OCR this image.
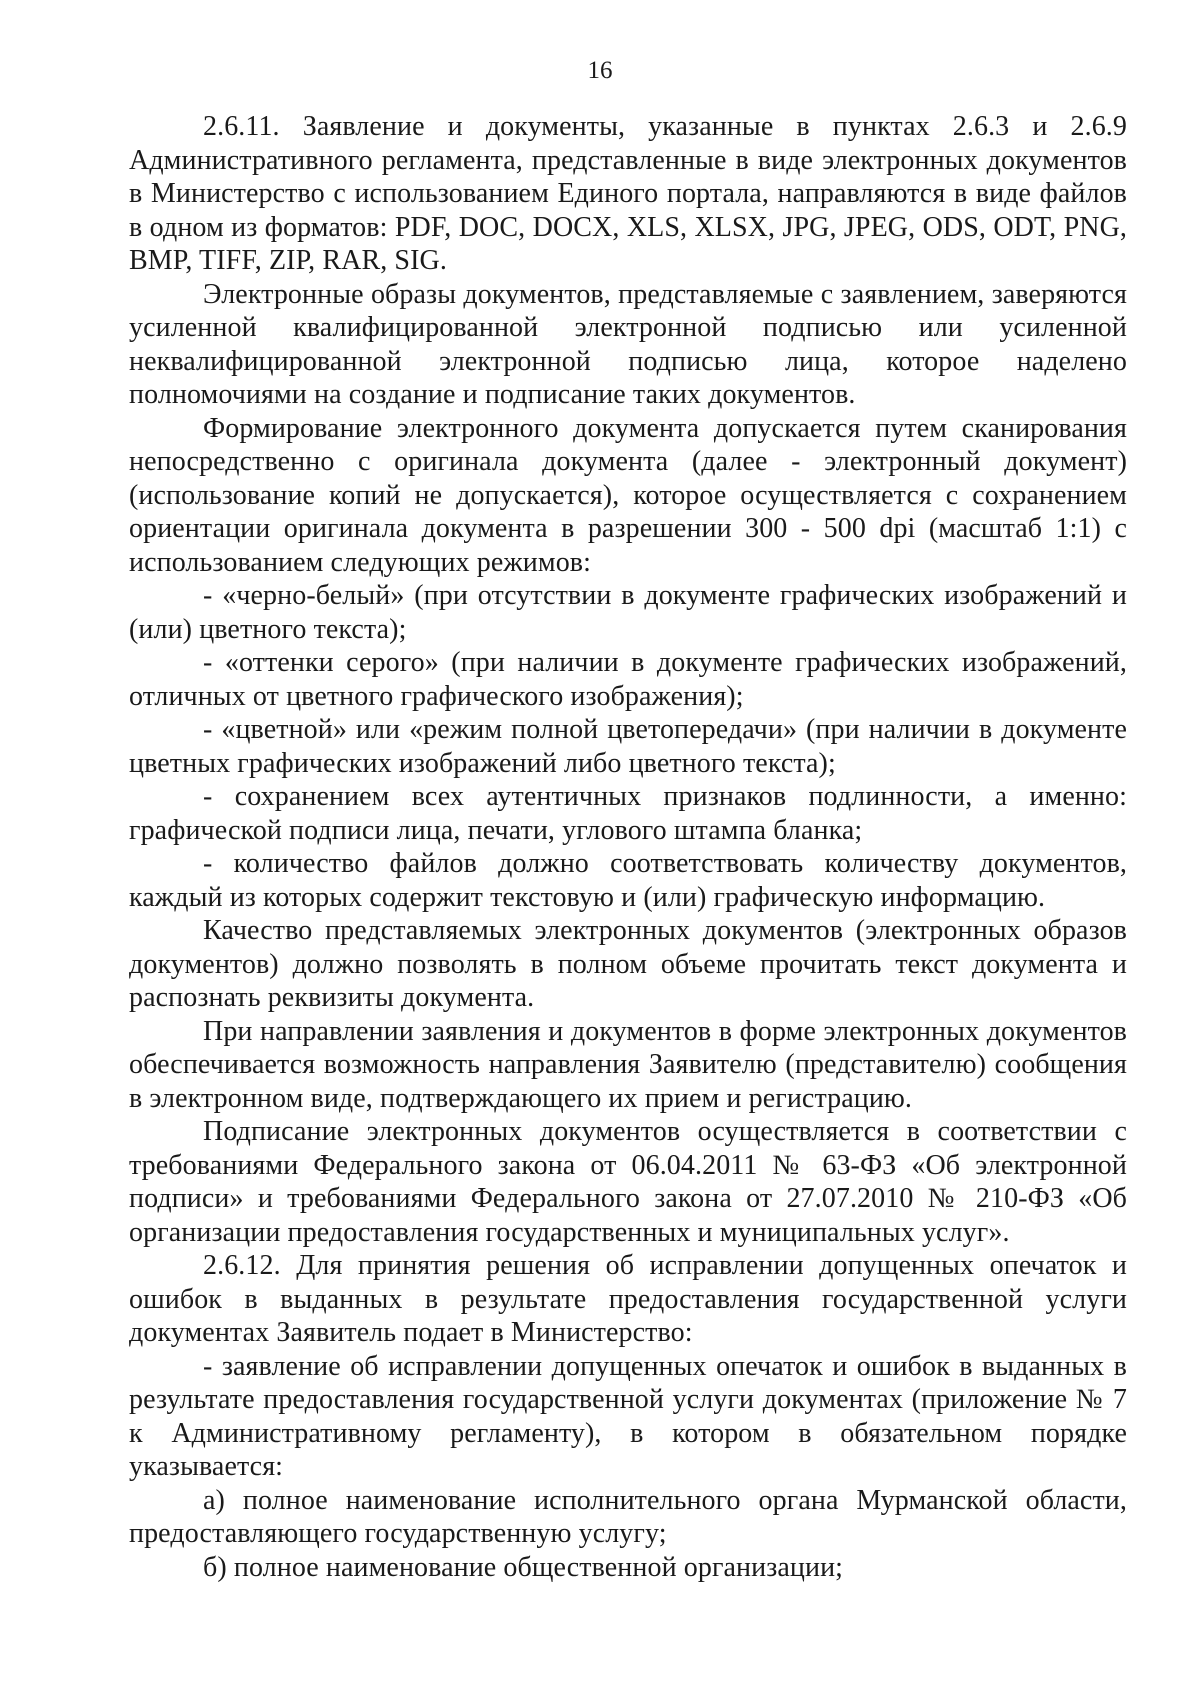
16

2.6.11. Заявление и документы, указанные в пунктах 2.6.3 и 2.6.9 Административного регламента, представленные в виде электронных документов в Министерство с использованием Единого портала, направляются в виде файлов в одном из форматов: PDF, DOC, DOCX, XLS, XLSX, JPG, JPEG, ODS, ODT, PNG, BMP, TIFF, ZIP, RAR, SIG.

Электронные образы документов, представляемые с заявлением, заверяются усиленной квалифицированной электронной подписью или усиленной неквалифицированной электронной подписью лица, которое наделено полномочиями на создание и подписание таких документов.

Формирование электронного документа допускается путем сканирования непосредственно с оригинала документа (далее - электронный документ) (использование копий не допускается), которое осуществляется с сохранением ориентации оригинала документа в разрешении 300 - 500 dpi (масштаб 1:1) с использованием следующих режимов:

- «черно-белый» (при отсутствии в документе графических изображений и (или) цветного текста);

- «оттенки серого» (при наличии в документе графических изображений, отличных от цветного графического изображения);

- «цветной» или «режим полной цветопередачи» (при наличии в документе цветных графических изображений либо цветного текста);

- сохранением всех аутентичных признаков подлинности, а именно: графической подписи лица, печати, углового штампа бланка;

- количество файлов должно соответствовать количеству документов, каждый из которых содержит текстовую и (или) графическую информацию.

Качество представляемых электронных документов (электронных образов документов) должно позволять в полном объеме прочитать текст документа и распознать реквизиты документа.

При направлении заявления и документов в форме электронных документов обеспечивается возможность направления Заявителю (представителю) сообщения в электронном виде, подтверждающего их прием и регистрацию.

Подписание электронных документов осуществляется в соответствии с требованиями Федерального закона от 06.04.2011 № 63-ФЗ «Об электронной подписи» и требованиями Федерального закона от 27.07.2010 № 210-ФЗ «Об организации предоставления государственных и муниципальных услуг».

2.6.12. Для принятия решения об исправлении допущенных опечаток и ошибок в выданных в результате предоставления государственной услуги документах Заявитель подает в Министерство:

- заявление об исправлении допущенных опечаток и ошибок в выданных в результате предоставления государственной услуги документах (приложение № 7 к Административному регламенту), в котором в обязательном порядке указывается:

а) полное наименование исполнительного органа Мурманской области, предоставляющего государственную услугу;

б) полное наименование общественной организации;
